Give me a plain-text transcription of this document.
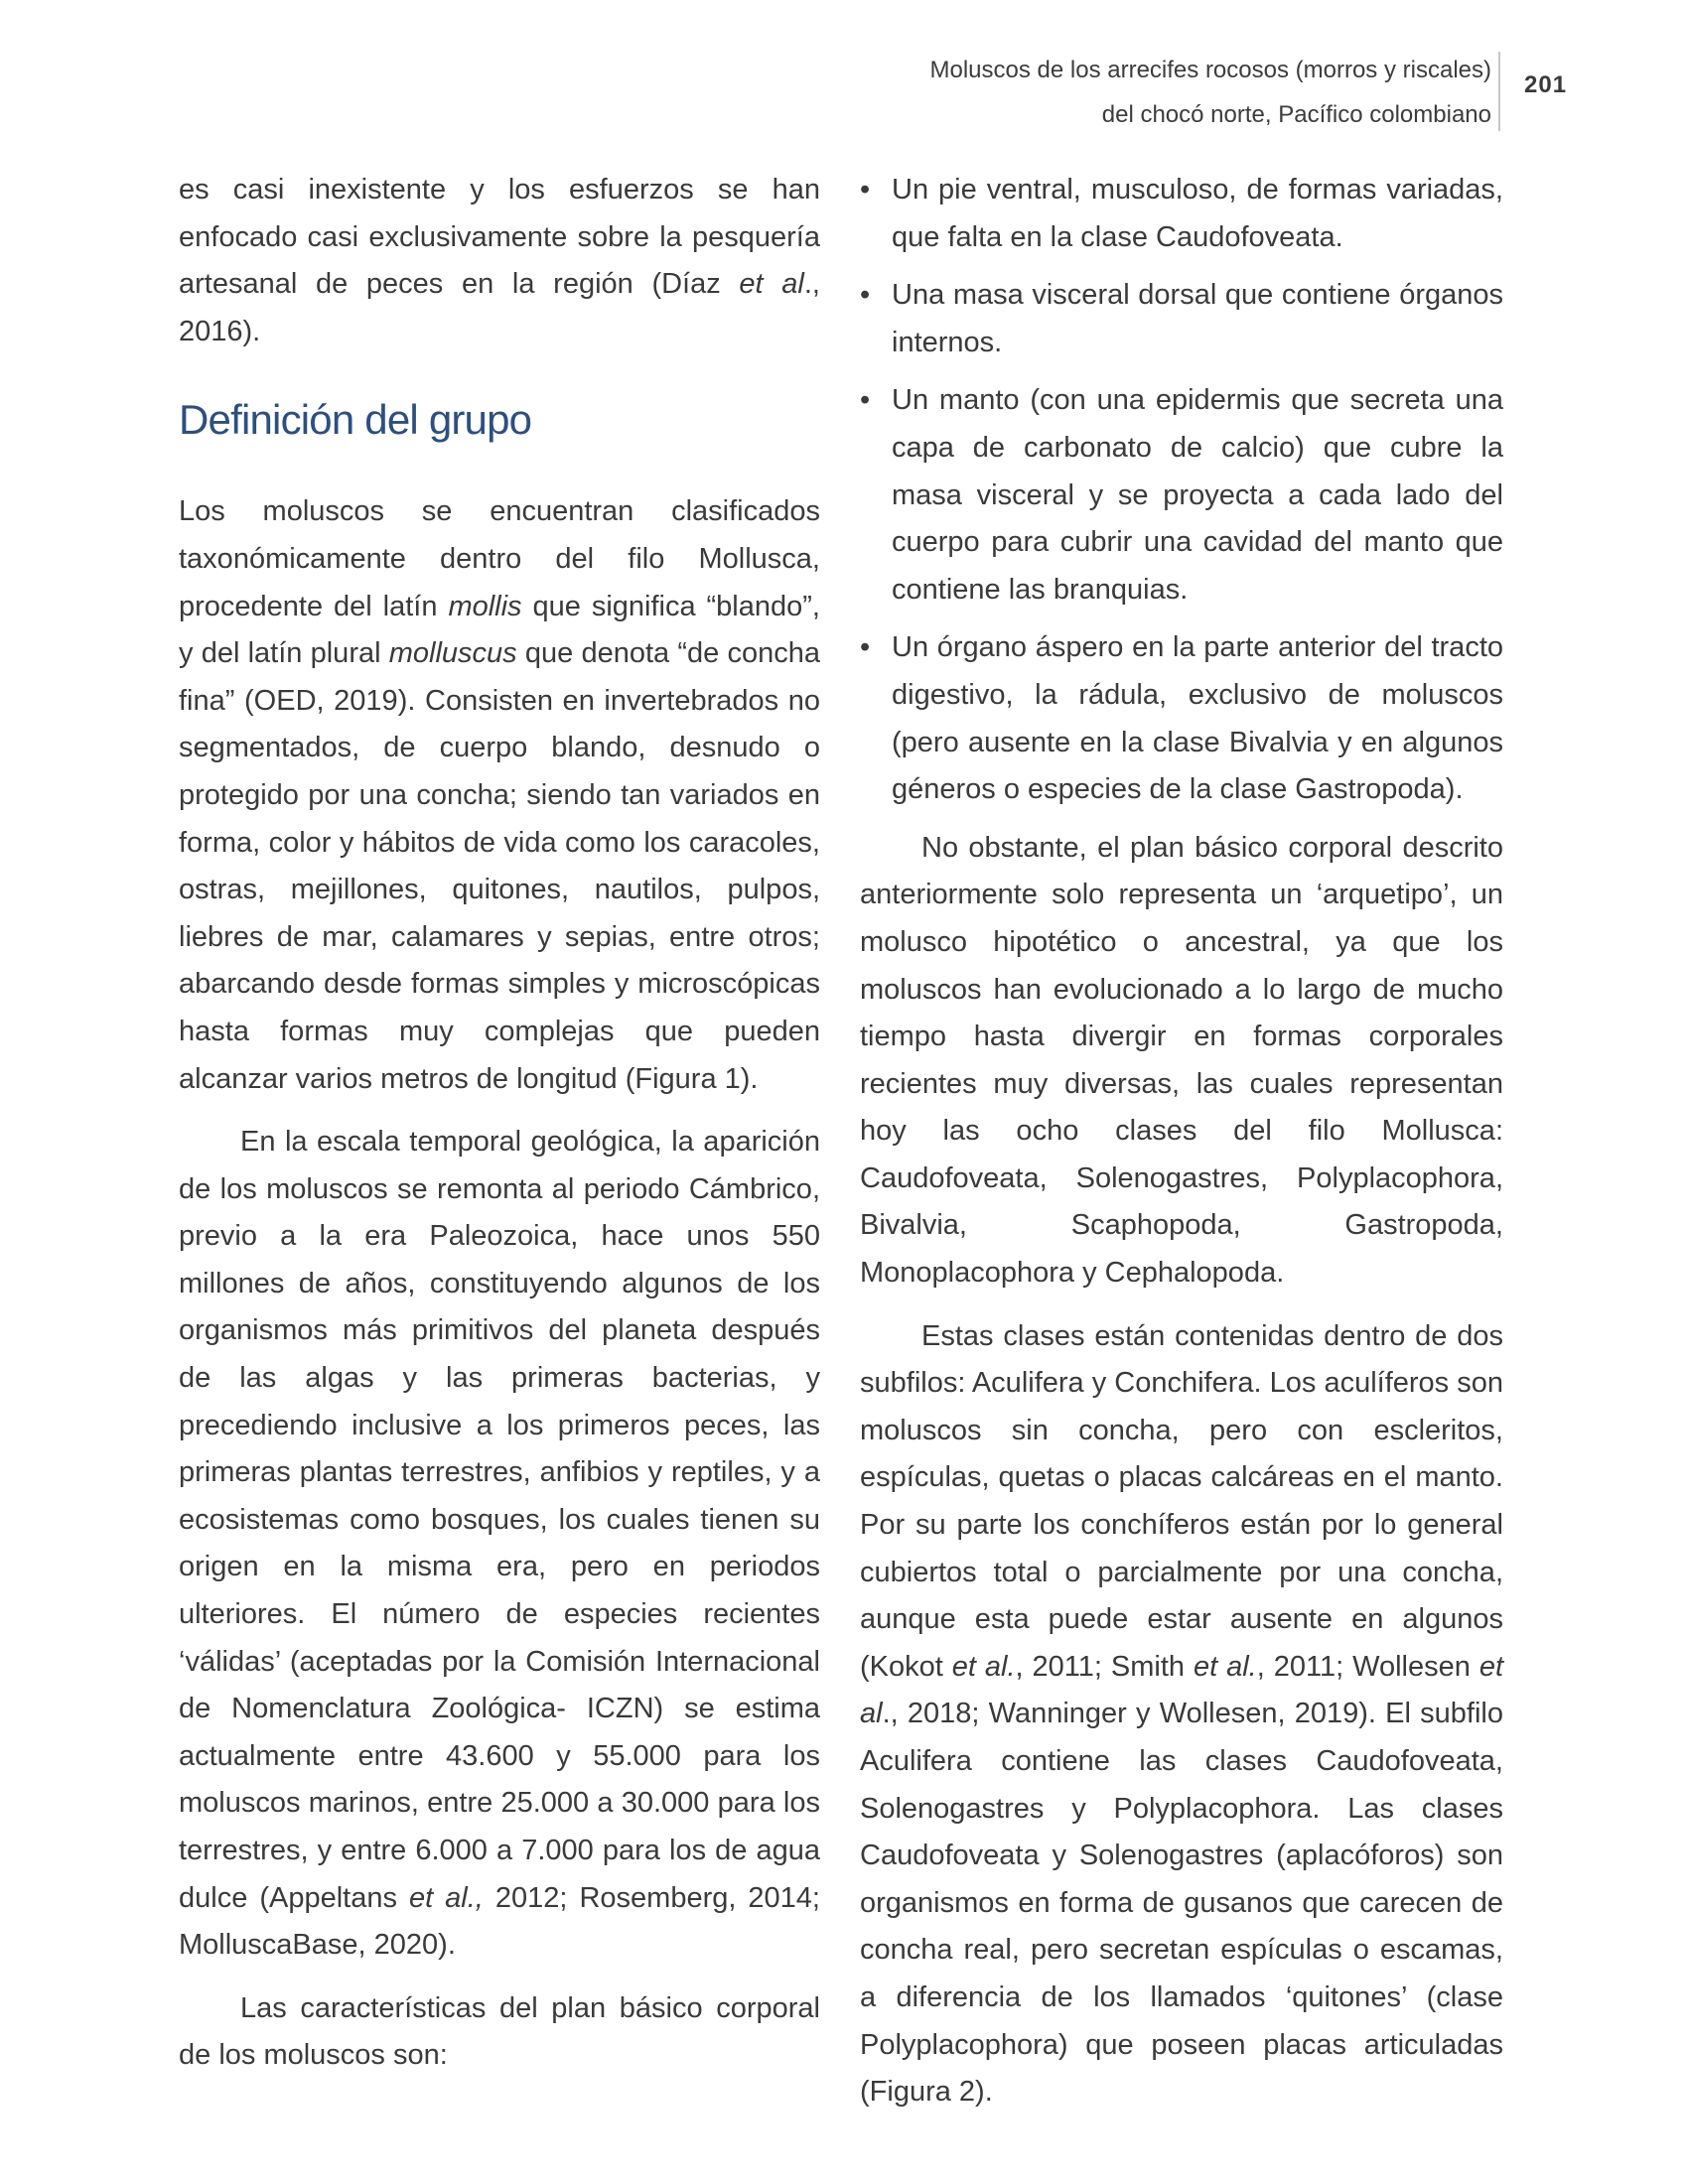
Moluscos de los arrecifes rocosos (morros y riscales)
del chocó norte, Pacífico colombiano
201

es casi inexistente y los esfuerzos se han enfocado casi exclusivamente sobre la pesquería artesanal de peces en la región (Díaz et al., 2016).

Definición del grupo

Los moluscos se encuentran clasificados taxonómicamente dentro del filo Mollusca, procedente del latín mollis que significa “blando”, y del latín plural molluscus que denota “de concha fina” (OED, 2019). Consisten en invertebrados no segmentados, de cuerpo blando, desnudo o protegido por una concha; siendo tan variados en forma, color y hábitos de vida como los caracoles, ostras, mejillones, quitones, nautilos, pulpos, liebres de mar, calamares y sepias, entre otros; abarcando desde formas simples y microscópicas hasta formas muy complejas que pueden alcanzar varios metros de longitud (Figura 1).

En la escala temporal geológica, la aparición de los moluscos se remonta al periodo Cámbrico, previo a la era Paleozoica, hace unos 550 millones de años, constituyendo algunos de los organismos más primitivos del planeta después de las algas y las primeras bacterias, y precediendo inclusive a los primeros peces, las primeras plantas terrestres, anfibios y reptiles, y a ecosistemas como bosques, los cuales tienen su origen en la misma era, pero en periodos ulteriores. El número de especies recientes ‘válidas’ (aceptadas por la Comisión Internacional de Nomenclatura Zoológica- ICZN) se estima actualmente entre 43.600 y 55.000 para los moluscos marinos, entre 25.000 a 30.000 para los terrestres, y entre 6.000 a 7.000 para los de agua dulce (Appeltans et al., 2012; Rosemberg, 2014; MolluscaBase, 2020).

Las características del plan básico corporal de los moluscos son:

• Un pie ventral, musculoso, de formas variadas, que falta en la clase Caudofoveata.
• Una masa visceral dorsal que contiene órganos internos.
• Un manto (con una epidermis que secreta una capa de carbonato de calcio) que cubre la masa visceral y se proyecta a cada lado del cuerpo para cubrir una cavidad del manto que contiene las branquias.
• Un órgano áspero en la parte anterior del tracto digestivo, la rádula, exclusivo de moluscos (pero ausente en la clase Bivalvia y en algunos géneros o especies de la clase Gastropoda).

No obstante, el plan básico corporal descrito anteriormente solo representa un ‘arquetipo’, un molusco hipotético o ancestral, ya que los moluscos han evolucionado a lo largo de mucho tiempo hasta divergir en formas corporales recientes muy diversas, las cuales representan hoy las ocho clases del filo Mollusca: Caudofoveata, Solenogastres, Polyplacophora, Bivalvia, Scaphopoda, Gastropoda, Monoplacophora y Cephalopoda.

Estas clases están contenidas dentro de dos subfilos: Aculifera y Conchifera. Los aculíferos son moluscos sin concha, pero con escleritos, espículas, quetas o placas calcáreas en el manto. Por su parte los conchíferos están por lo general cubiertos total o parcialmente por una concha, aunque esta puede estar ausente en algunos (Kokot et al., 2011; Smith et al., 2011; Wollesen et al., 2018; Wanninger y Wollesen, 2019). El subfilo Aculifera contiene las clases Caudofoveata, Solenogastres y Polyplacophora. Las clases Caudofoveata y Solenogastres (aplacóforos) son organismos en forma de gusanos que carecen de concha real, pero secretan espículas o escamas, a diferencia de los llamados ‘quitones’ (clase Polyplacophora) que poseen placas articuladas (Figura 2).
